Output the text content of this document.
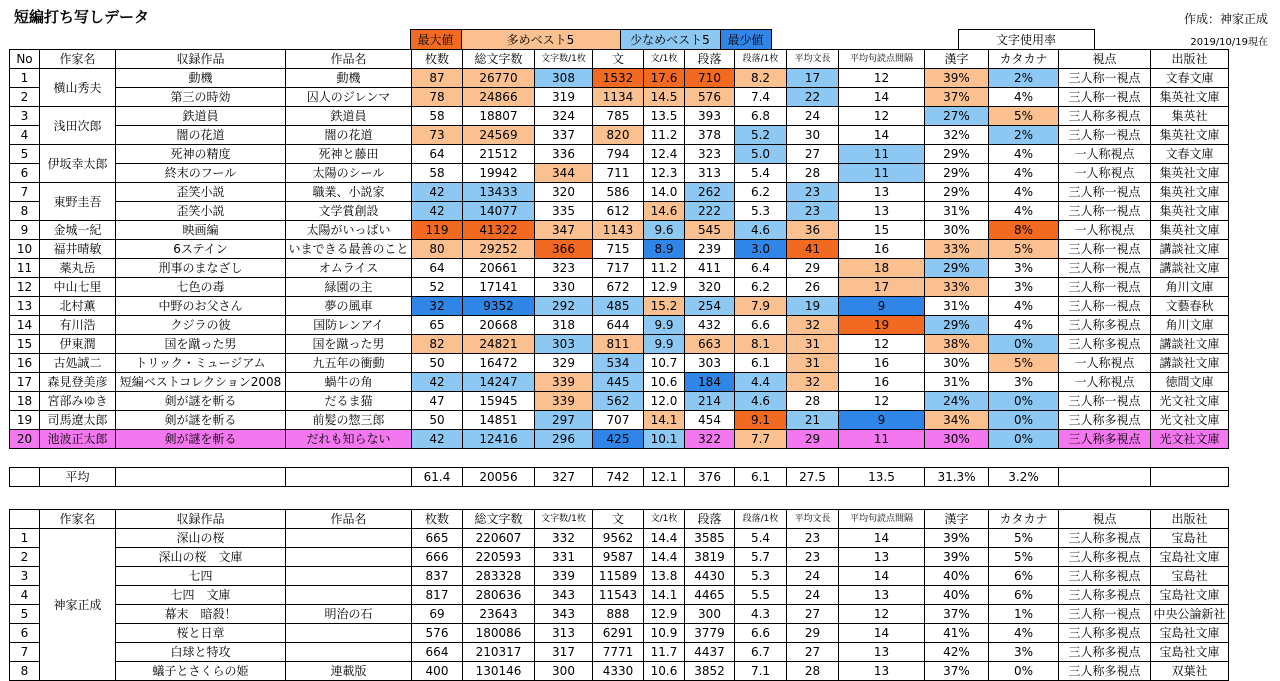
短編打ち写しデータ	作成：神家正成
2019/10/19現在
	最大値	多めベスト5	少なめベスト5	最少値		文字使用率
No	作家名	収録作品	作品名	枚数	総文字数	文字数/1枚	文	文/1枚	段落	段落/1枚	平均文長	平均句読点間隔	漢字	カタカナ	視点	出版社
1	横山秀夫	動機	動機	87	26770	308	1532	17.6	710	8.2	17	12	39%	2%	三人称一視点	文春文庫
2		第三の時効	囚人のジレンマ	78	24866	319	1134	14.5	576	7.4	22	14	37%	4%	三人称一視点	集英社文庫
3	浅田次郎	鉄道員	鉄道員	58	18807	324	785	13.5	393	6.8	24	12	27%	5%	三人称多視点	集英社
4		闇の花道	闇の花道	73	24569	337	820	11.2	378	5.2	30	14	32%	2%	三人称一視点	集英社文庫
5	伊坂幸太郎	死神の精度	死神と藤田	64	21512	336	794	12.4	323	5.0	27	11	29%	4%	一人称視点	文春文庫
6		終末のフール	太陽のシール	58	19942	344	711	12.3	313	5.4	28	11	29%	4%	一人称視点	集英社文庫
7	東野圭吾	歪笑小説	職業、小説家	42	13433	320	586	14.0	262	6.2	23	13	29%	4%	三人称一視点	集英社文庫
8		歪笑小説	文学賞創設	42	14077	335	612	14.6	222	5.3	23	13	31%	4%	三人称一視点	集英社文庫
9	金城一紀	映画編	太陽がいっぱい	119	41322	347	1143	9.6	545	4.6	36	15	30%	8%	一人称視点	集英社文庫
10	福井晴敏	6ステイン	いまできる最善のこと	80	29252	366	715	8.9	239	3.0	41	16	33%	5%	三人称一視点	講談社文庫
11	薬丸岳	刑事のまなざし	オムライス	64	20661	323	717	11.2	411	6.4	29	18	29%	3%	三人称一視点	講談社文庫
12	中山七里	七色の毒	緑園の主	52	17141	330	672	12.9	320	6.2	26	17	33%	3%	三人称一視点	角川文庫
13	北村薫	中野のお父さん	夢の風車	32	9352	292	485	15.2	254	7.9	19	9	31%	4%	三人称一視点	文藝春秋
14	有川浩	クジラの彼	国防レンアイ	65	20668	318	644	9.9	432	6.6	32	19	29%	4%	三人称多視点	角川文庫
15	伊東潤	国を蹴った男	国を蹴った男	82	24821	303	811	9.9	663	8.1	31	12	38%	0%	三人称多視点	講談社文庫
16	古処誠二	トリック・ミュージアム	九五年の衝動	50	16472	329	534	10.7	303	6.1	31	16	30%	5%	一人称視点	講談社文庫
17	森見登美彦	短編ベストコレクション2008	蝸牛の角	42	14247	339	445	10.6	184	4.4	32	16	31%	3%	一人称視点	徳間文庫
18	宮部みゆき	剣が謎を斬る	だるま猫	47	15945	339	562	12.0	214	4.6	28	12	24%	0%	三人称一視点	光文社文庫
19	司馬遼太郎	剣が謎を斬る	前髪の惣三郎	50	14851	297	707	14.1	454	9.1	21	9	34%	0%	三人称多視点	光文社文庫
20	池波正太郎	剣が謎を斬る	だれも知らない	42	12416	296	425	10.1	322	7.7	29	11	30%	0%	三人称多視点	光文社文庫
	平均			61.4	20056	327	742	12.1	376	6.1	27.5	13.5	31.3%	3.2%		
	作家名	収録作品	作品名	枚数	総文字数	文字数/1枚	文	文/1枚	段落	段落/1枚	平均文長	平均句読点間隔	漢字	カタカナ	視点	出版社
1	神家正成	深山の桜		665	220607	332	9562	14.4	3585	5.4	23	14	39%	5%	三人称多視点	宝島社
2		深山の桜　文庫		666	220593	331	9587	14.4	3819	5.7	23	13	39%	5%	三人称多視点	宝島社文庫
3		七四		837	283328	339	11589	13.8	4430	5.3	24	14	40%	6%	三人称多視点	宝島社
4		七四　文庫		817	280636	343	11543	14.1	4465	5.5	24	13	40%	6%	三人称多視点	宝島社文庫
5		幕末　暗殺！	明治の石	69	23643	343	888	12.9	300	4.3	27	12	37%	1%	三人称一視点	中央公論新社
6		桜と日章		576	180086	313	6291	10.9	3779	6.6	29	14	41%	4%	三人称多視点	宝島社文庫
7		白球と特攻		664	210317	317	7771	11.7	4437	6.7	27	13	42%	3%	三人称多視点	宝島社文庫
8		蟻子とさくらの姫	連載版	400	130146	300	4330	10.6	3852	7.1	28	13	37%	0%	三人称多視点	双葉社
